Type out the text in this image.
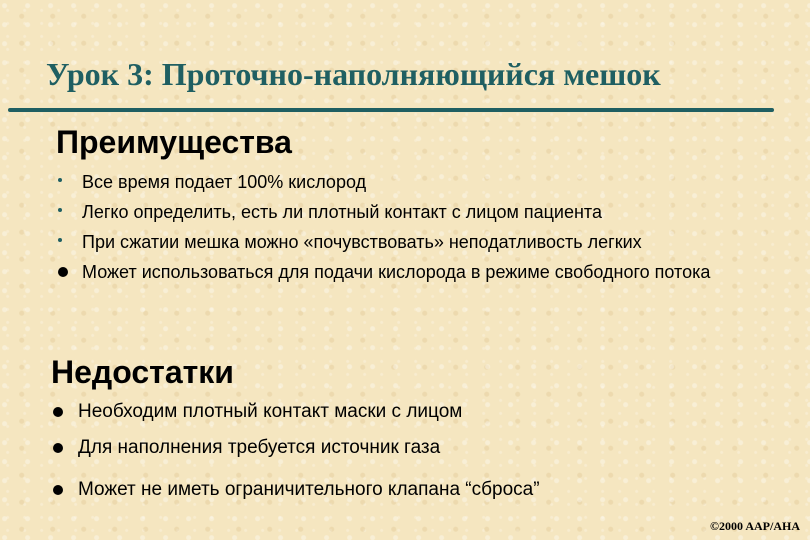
Урок 3: Проточно-наполняющийся мешок
Преимущества
Все время подает 100% кислород
Легко определить, есть ли плотный контакт с лицом пациента
При сжатии мешка можно «почувствовать» неподатливость легких
Может использоваться для подачи кислорода в режиме свободного потока
Недостатки
Необходим плотный контакт маски с лицом
Для наполнения требуется источник газа
Может не иметь ограничительного клапана “сброса”
©2000 AAP/AHA
